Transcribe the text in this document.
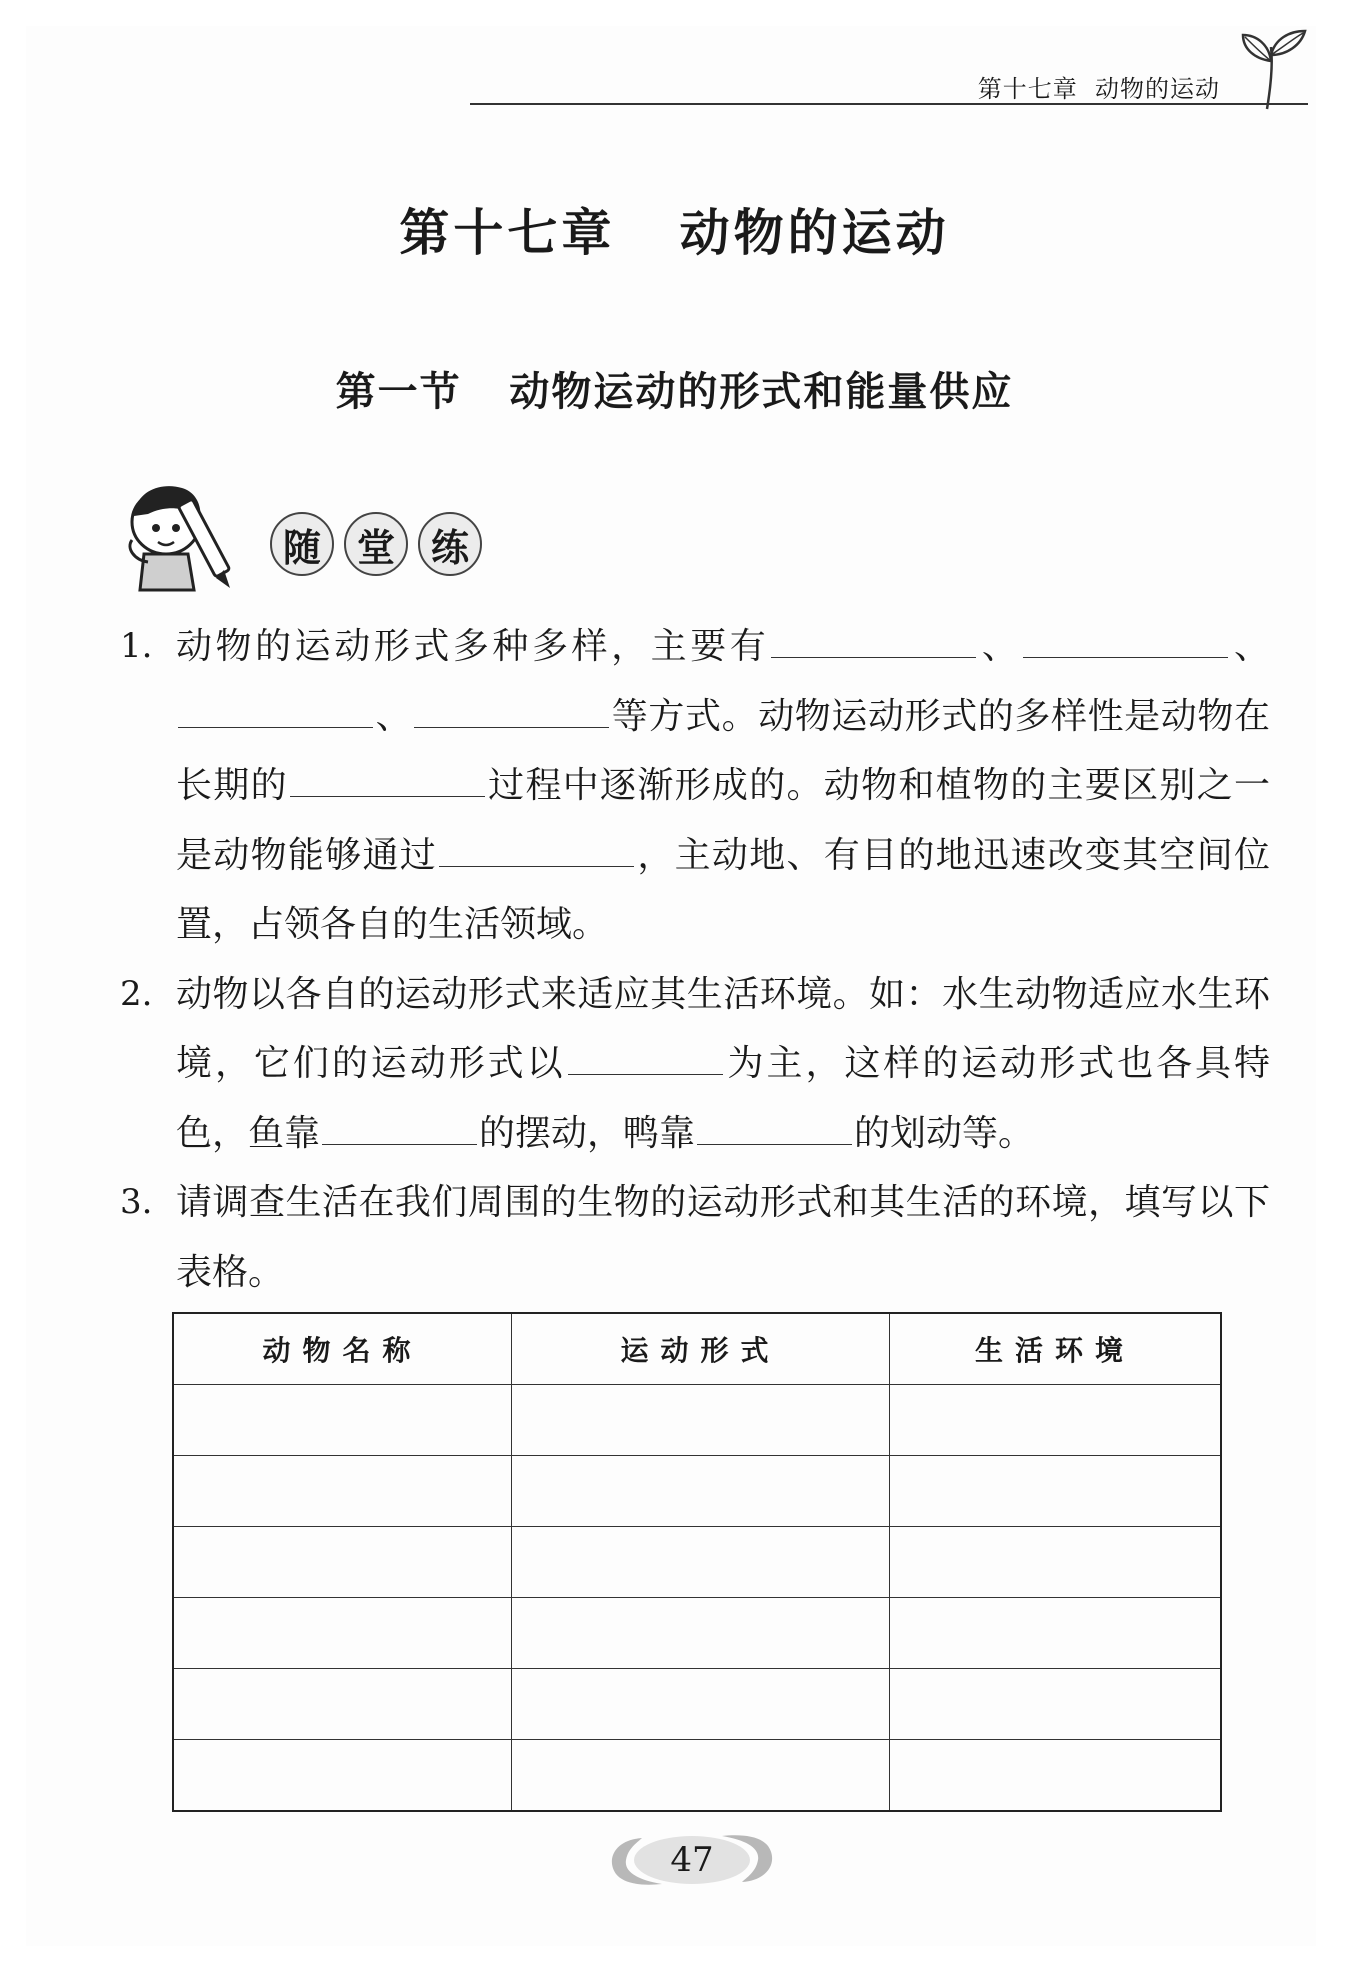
第十七章 动物的运动
第十七章 动物的运动
第一节 动物运动的形式和能量供应
随 堂 练
1. 动物的运动形式多种多样，主要有	、	、、	等方式。动物运动形式的多样性是动物在长期的	过程中逐渐形成的。动物和植物的主要区别之一是动物能够通过	，主动地、有目的地迅速改变其空间位置，占领各自的生活领域。
2. 动物以各自的运动形式来适应其生活环境。如：水生动物适应水生环境，它们的运动形式以	为主，这样的运动形式也各具特色，鱼靠	的摆动，鸭靠	的划动等。
3. 请调查生活在我们周围的生物的运动形式和其生活的环境，填写以下表格。
动物名称	运动形式	生活环境

47
